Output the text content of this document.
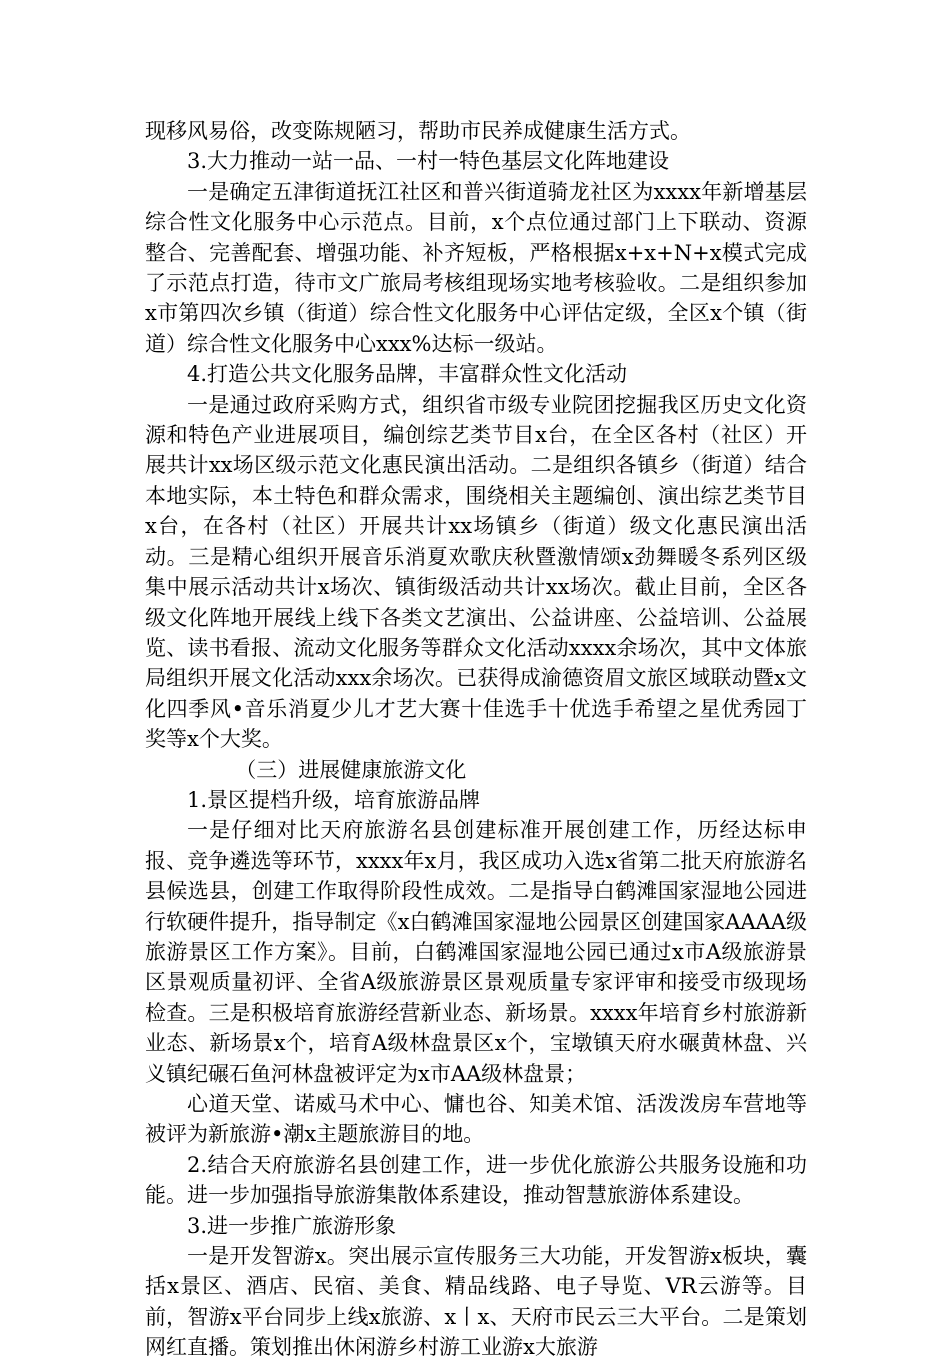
现移风易俗，改变陈规陋习，帮助市民养成健康生活方式。

3.大力推动一站一品、一村一特色基层文化阵地建设

一是确定五津街道抚江社区和普兴街道骑龙社区为xxxx年新增基层综合性文化服务中心示范点。目前，x个点位通过部门上下联动、资源整合、完善配套、增强功能、补齐短板，严格根据x+x+N+x模式完成了示范点打造，待市文广旅局考核组现场实地考核验收。二是组织参加x市第四次乡镇（街道）综合性文化服务中心评估定级，全区x个镇（街道）综合性文化服务中心xxx%达标一级站。

4.打造公共文化服务品牌，丰富群众性文化活动

一是通过政府采购方式，组织省市级专业院团挖掘我区历史文化资源和特色产业进展项目，编创综艺类节目x台，在全区各村（社区）开展共计xx场区级示范文化惠民演出活动。二是组织各镇乡（街道）结合本地实际，本土特色和群众需求，围绕相关主题编创、演出综艺类节目x台，在各村（社区）开展共计xx场镇乡（街道）级文化惠民演出活动。三是精心组织开展音乐消夏欢歌庆秋暨激情颂x劲舞暖冬系列区级集中展示活动共计x场次、镇街级活动共计xx场次。截止目前，全区各级文化阵地开展线上线下各类文艺演出、公益讲座、公益培训、公益展览、读书看报、流动文化服务等群众文化活动xxxx余场次，其中文体旅局组织开展文化活动xxx余场次。已获得成渝德资眉文旅区域联动暨x文化四季风•音乐消夏少儿才艺大赛十佳选手十优选手希望之星优秀园丁奖等x个大奖。

（三）进展健康旅游文化

1.景区提档升级，培育旅游品牌

一是仔细对比天府旅游名县创建标准开展创建工作，历经达标申报、竞争遴选等环节，xxxx年x月，我区成功入选x省第二批天府旅游名县候选县，创建工作取得阶段性成效。二是指导白鹤滩国家湿地公园进行软硬件提升，指导制定《x白鹤滩国家湿地公园景区创建国家AAAA级旅游景区工作方案》。目前，白鹤滩国家湿地公园已通过x市A级旅游景区景观质量初评、全省A级旅游景区景观质量专家评审和接受市级现场检查。三是积极培育旅游经营新业态、新场景。xxxx年培育乡村旅游新业态、新场景x个，培育A级林盘景区x个，宝墩镇天府水碾黄林盘、兴义镇纪碾石鱼河林盘被评定为x市AA级林盘景；

心道天堂、诺威马术中心、慵也谷、知美术馆、活泼泼房车营地等被评为新旅游•潮x主题旅游目的地。

2.结合天府旅游名县创建工作，进一步优化旅游公共服务设施和功能。进一步加强指导旅游集散体系建设，推动智慧旅游体系建设。

3.进一步推广旅游形象

一是开发智游x。突出展示宣传服务三大功能，开发智游x板块，囊括x景区、酒店、民宿、美食、精品线路、电子导览、VR云游等。目前，智游x平台同步上线x旅游、x丨x、天府市民云三大平台。二是策划网红直播。策划推出休闲游乡村游工业游x大旅游
